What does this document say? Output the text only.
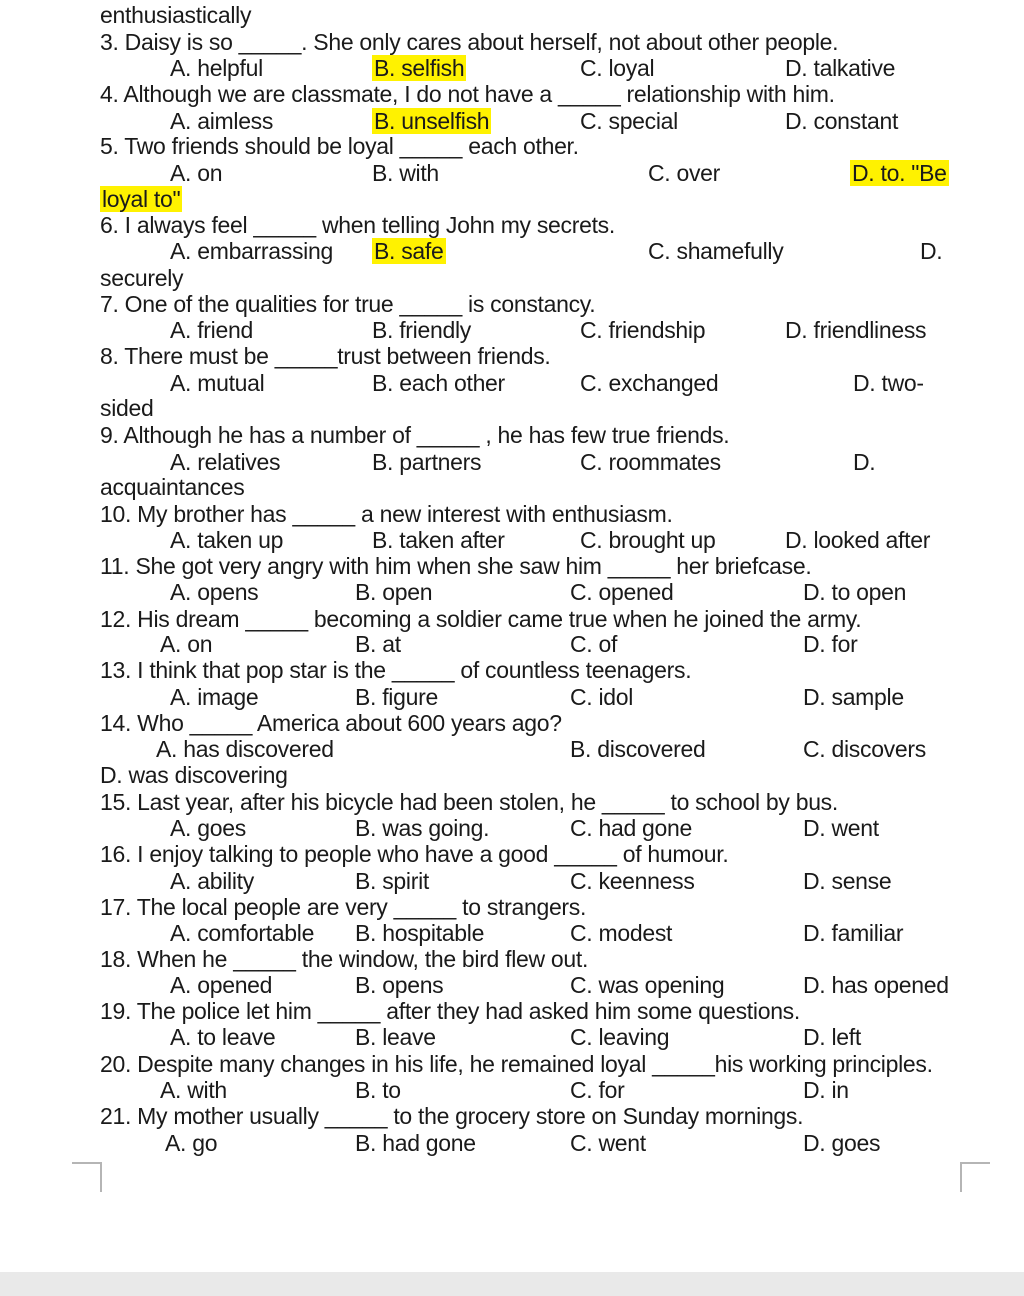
enthusiastically
3. Daisy is so _____. She only cares about herself, not about other people.
A. helpful	B. selfish	C. loyal	D. talkative
4. Although we are classmate, I do not have a _____ relationship with him.
A. aimless	B. unselfish	C. special	D. constant
5. Two friends should be loyal _____ each other.
A. on	B. with	C. over	D. to. "Be
loyal to"
6. I always feel _____ when telling John my secrets.
A. embarrassing B. safe	C. shamefully	D.
securely
7. One of the qualities for true _____ is constancy.
A. friend	B. friendly	C. friendship	D. friendliness
8. There must be _____trust between friends.
A. mutual	B. each other	C. exchanged	D. two-
sided
9. Although he has a number of _____ , he has few true friends.
A. relatives	B. partners	C. roommates	D.
acquaintances
10. My brother has _____ a new interest with enthusiasm.
A. taken up	B. taken after	C. brought up	D. looked after
11. She got very angry with him when she saw him _____ her briefcase.
A. opens	B. open	C. opened	D. to open
12. His dream _____ becoming a soldier came true when he joined the army.
A. on	B. at	C. of	D. for
13. I think that pop star is the _____ of countless teenagers.
A. image	B. figure	C. idol	D. sample
14. Who _____ America about 600 years ago?
A. has discovered	B. discovered	C. discovers
D. was discovering
15. Last year, after his bicycle had been stolen, he _____ to school by bus.
A. goes	B. was going.	C. had gone	D. went
16. I enjoy talking to people who have a good _____ of humour.
A. ability	B. spirit	C. keenness	D. sense
17. The local people are very _____ to strangers.
A. comfortable B. hospitable	C. modest	D. familiar
18. When he _____ the window, the bird flew out.
A. opened	B. opens	C. was opening	D. has opened
19. The police let him _____ after they had asked him some questions.
A. to leave	B. leave	C. leaving	D. left
20. Despite many changes in his life, he remained loyal _____his working principles.
A. with	B. to	C. for	D. in
21. My mother usually _____ to the grocery store on Sunday mornings.
A. go	B. had gone	C. went	D. goes
